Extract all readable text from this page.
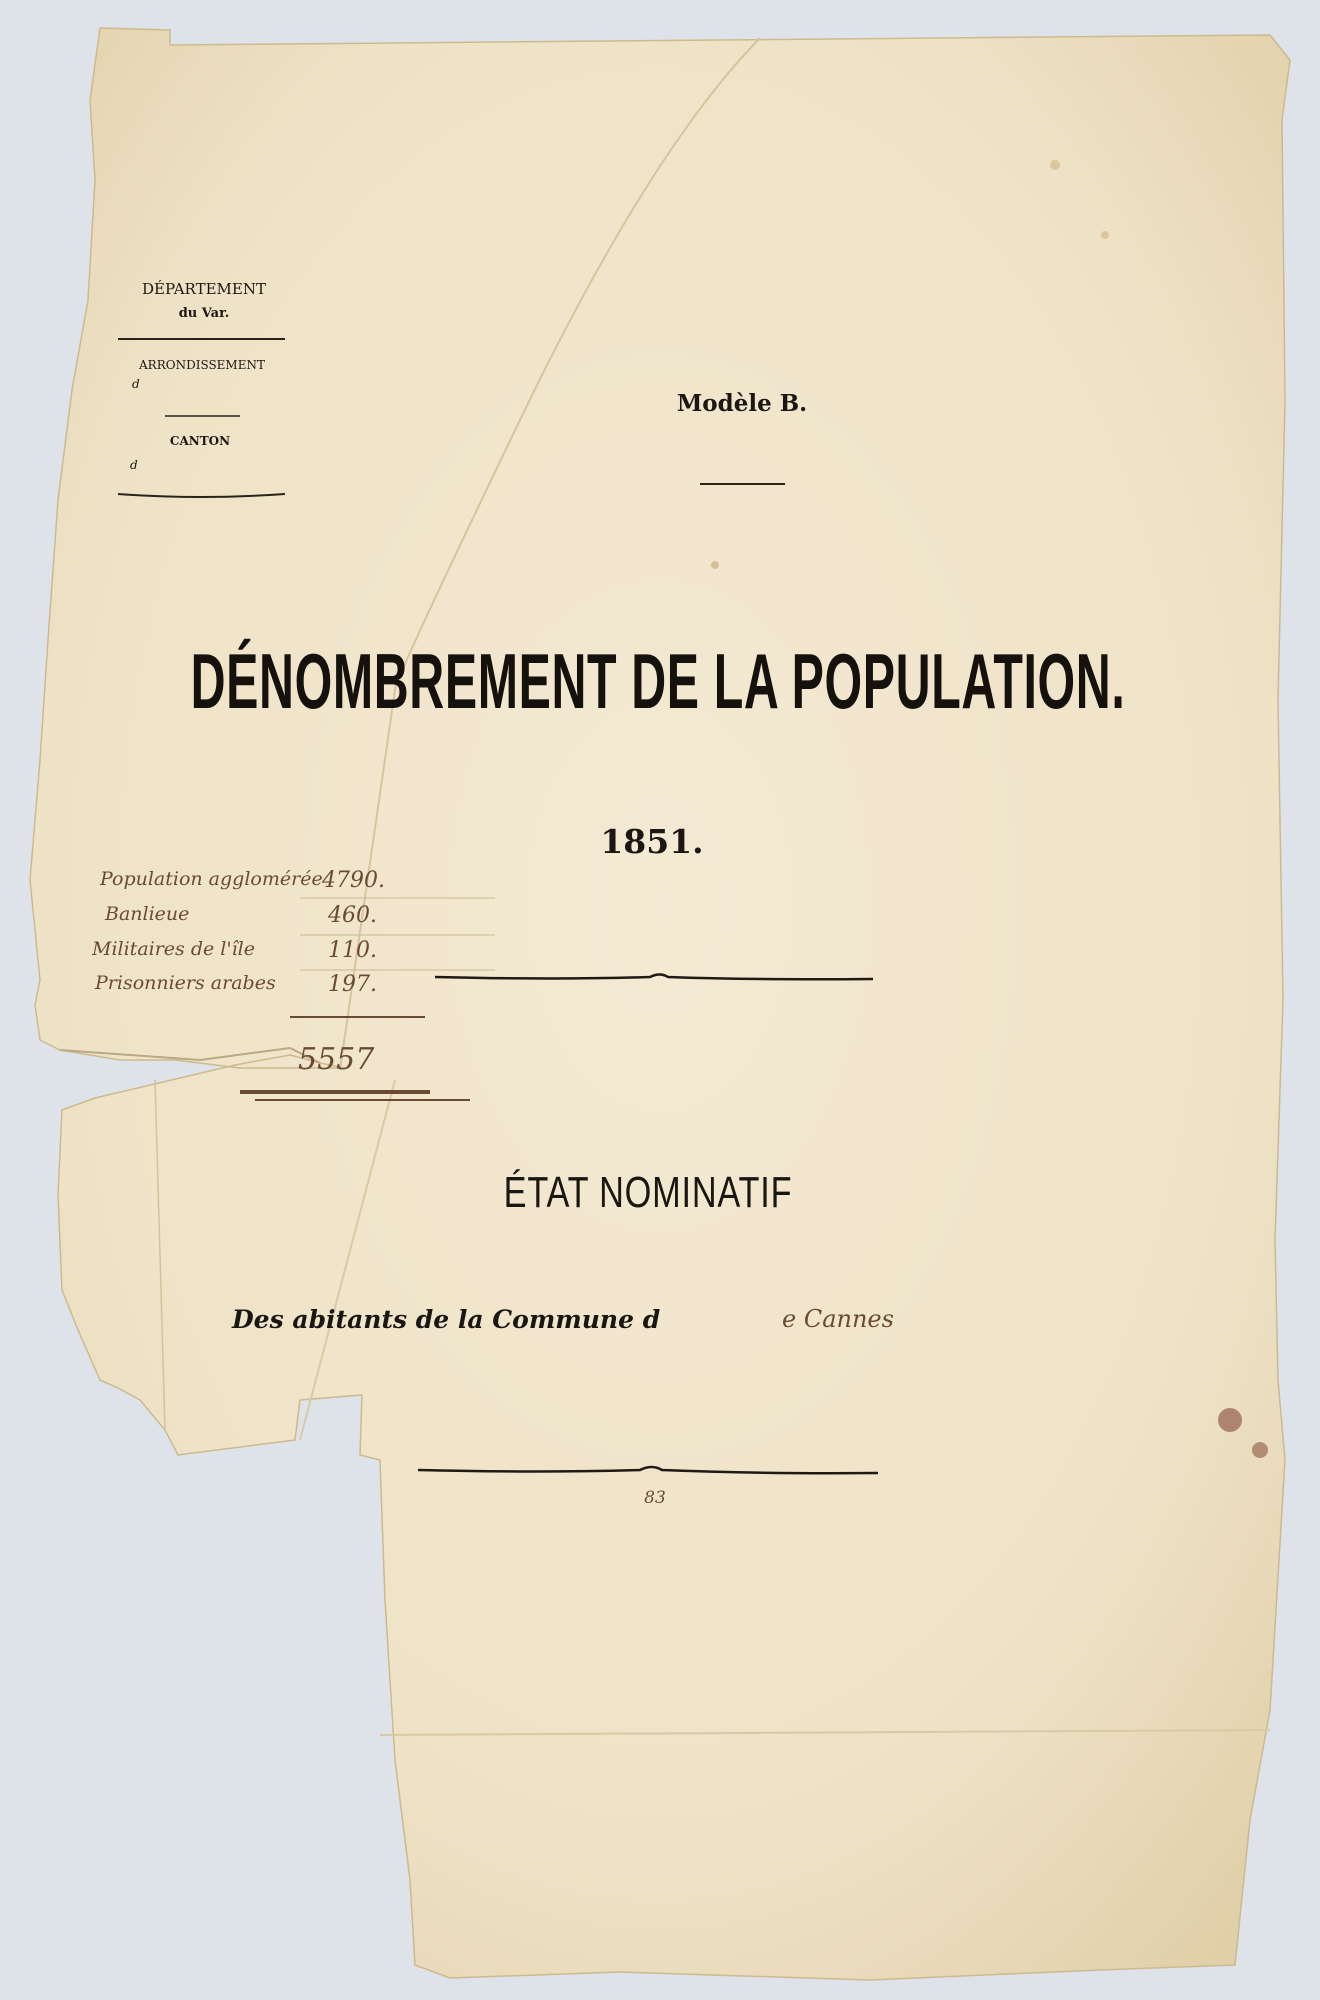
DÉPARTEMENT
du Var.
ARRONDISSEMENT
d
CANTON
d
Modèle B.
DÉNOMBREMENT DE LA POPULATION.
1851.
Population agglomérée 4790.
Banlieue	460.
Militaires de l'île	110.
Prisonniers arabes 197.
5557
ÉTAT NOMINATIF
Des abitants de la Commune d	e Cannes
83
